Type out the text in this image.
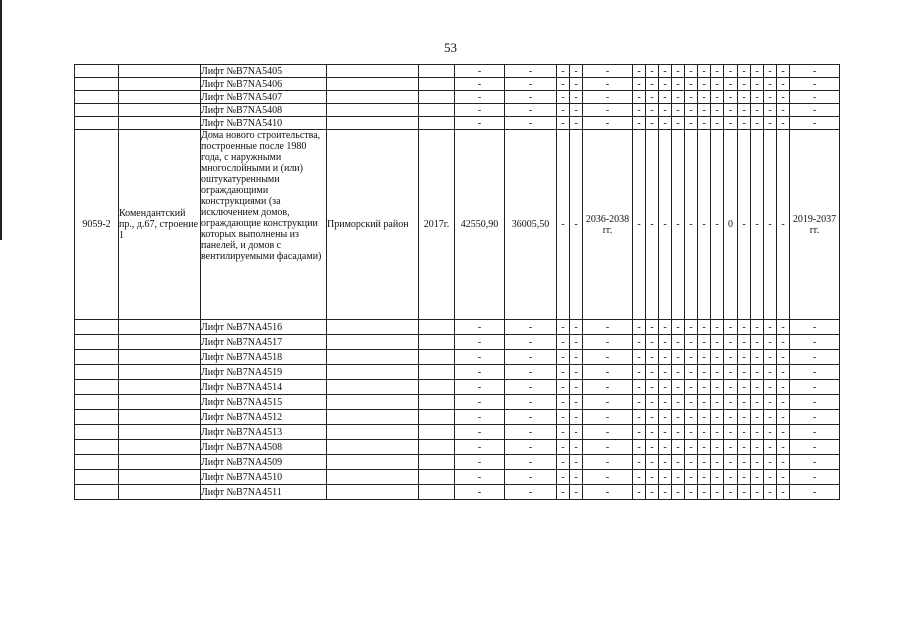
53
		Лифт №B7NA5405			-	-	-	-	-	-	-	-	-	-	-	-	-	-	-	-	-	-
		Лифт №B7NA5406			-	-	-	-	-	-	-	-	-	-	-	-	-	-	-	-	-	-
		Лифт №B7NA5407			-	-	-	-	-	-	-	-	-	-	-	-	-	-	-	-	-	-
		Лифт №B7NA5408			-	-	-	-	-	-	-	-	-	-	-	-	-	-	-	-	-	-
		Лифт №B7NA5410			-	-	-	-	-	-	-	-	-	-	-	-	-	-	-	-	-	-
9059-2	Комендантский пр., д.67, строение 1	Дома нового строительства, построенные после 1980 года, с наружными многослойными и (или) оштукатуренными ограждающими конструкциями (за исключением домов, ограждающие конструкции которых выполнены из панелей, и домов с вентилируемыми фасадами)	Приморский район	2017г.	42550,90	36005,50	-	-	2036-2038 гг.	-	-	-	-	-	-	-	0	-	-	-	-	2019-2037 гг.
		Лифт №B7NA4516			-	-	-	-	-	-	-	-	-	-	-	-	-	-	-	-	-	-
		Лифт №B7NA4517			-	-	-	-	-	-	-	-	-	-	-	-	-	-	-	-	-	-
		Лифт №B7NA4518			-	-	-	-	-	-	-	-	-	-	-	-	-	-	-	-	-	-
		Лифт №B7NA4519			-	-	-	-	-	-	-	-	-	-	-	-	-	-	-	-	-	-
		Лифт №B7NA4514			-	-	-	-	-	-	-	-	-	-	-	-	-	-	-	-	-	-
		Лифт №B7NA4515			-	-	-	-	-	-	-	-	-	-	-	-	-	-	-	-	-	-
		Лифт №B7NA4512			-	-	-	-	-	-	-	-	-	-	-	-	-	-	-	-	-	-
		Лифт №B7NA4513			-	-	-	-	-	-	-	-	-	-	-	-	-	-	-	-	-	-
		Лифт №B7NA4508			-	-	-	-	-	-	-	-	-	-	-	-	-	-	-	-	-	-
		Лифт №B7NA4509			-	-	-	-	-	-	-	-	-	-	-	-	-	-	-	-	-	-
		Лифт №B7NA4510			-	-	-	-	-	-	-	-	-	-	-	-	-	-	-	-	-	-
		Лифт №B7NA4511			-	-	-	-	-	-	-	-	-	-	-	-	-	-	-	-	-	-
